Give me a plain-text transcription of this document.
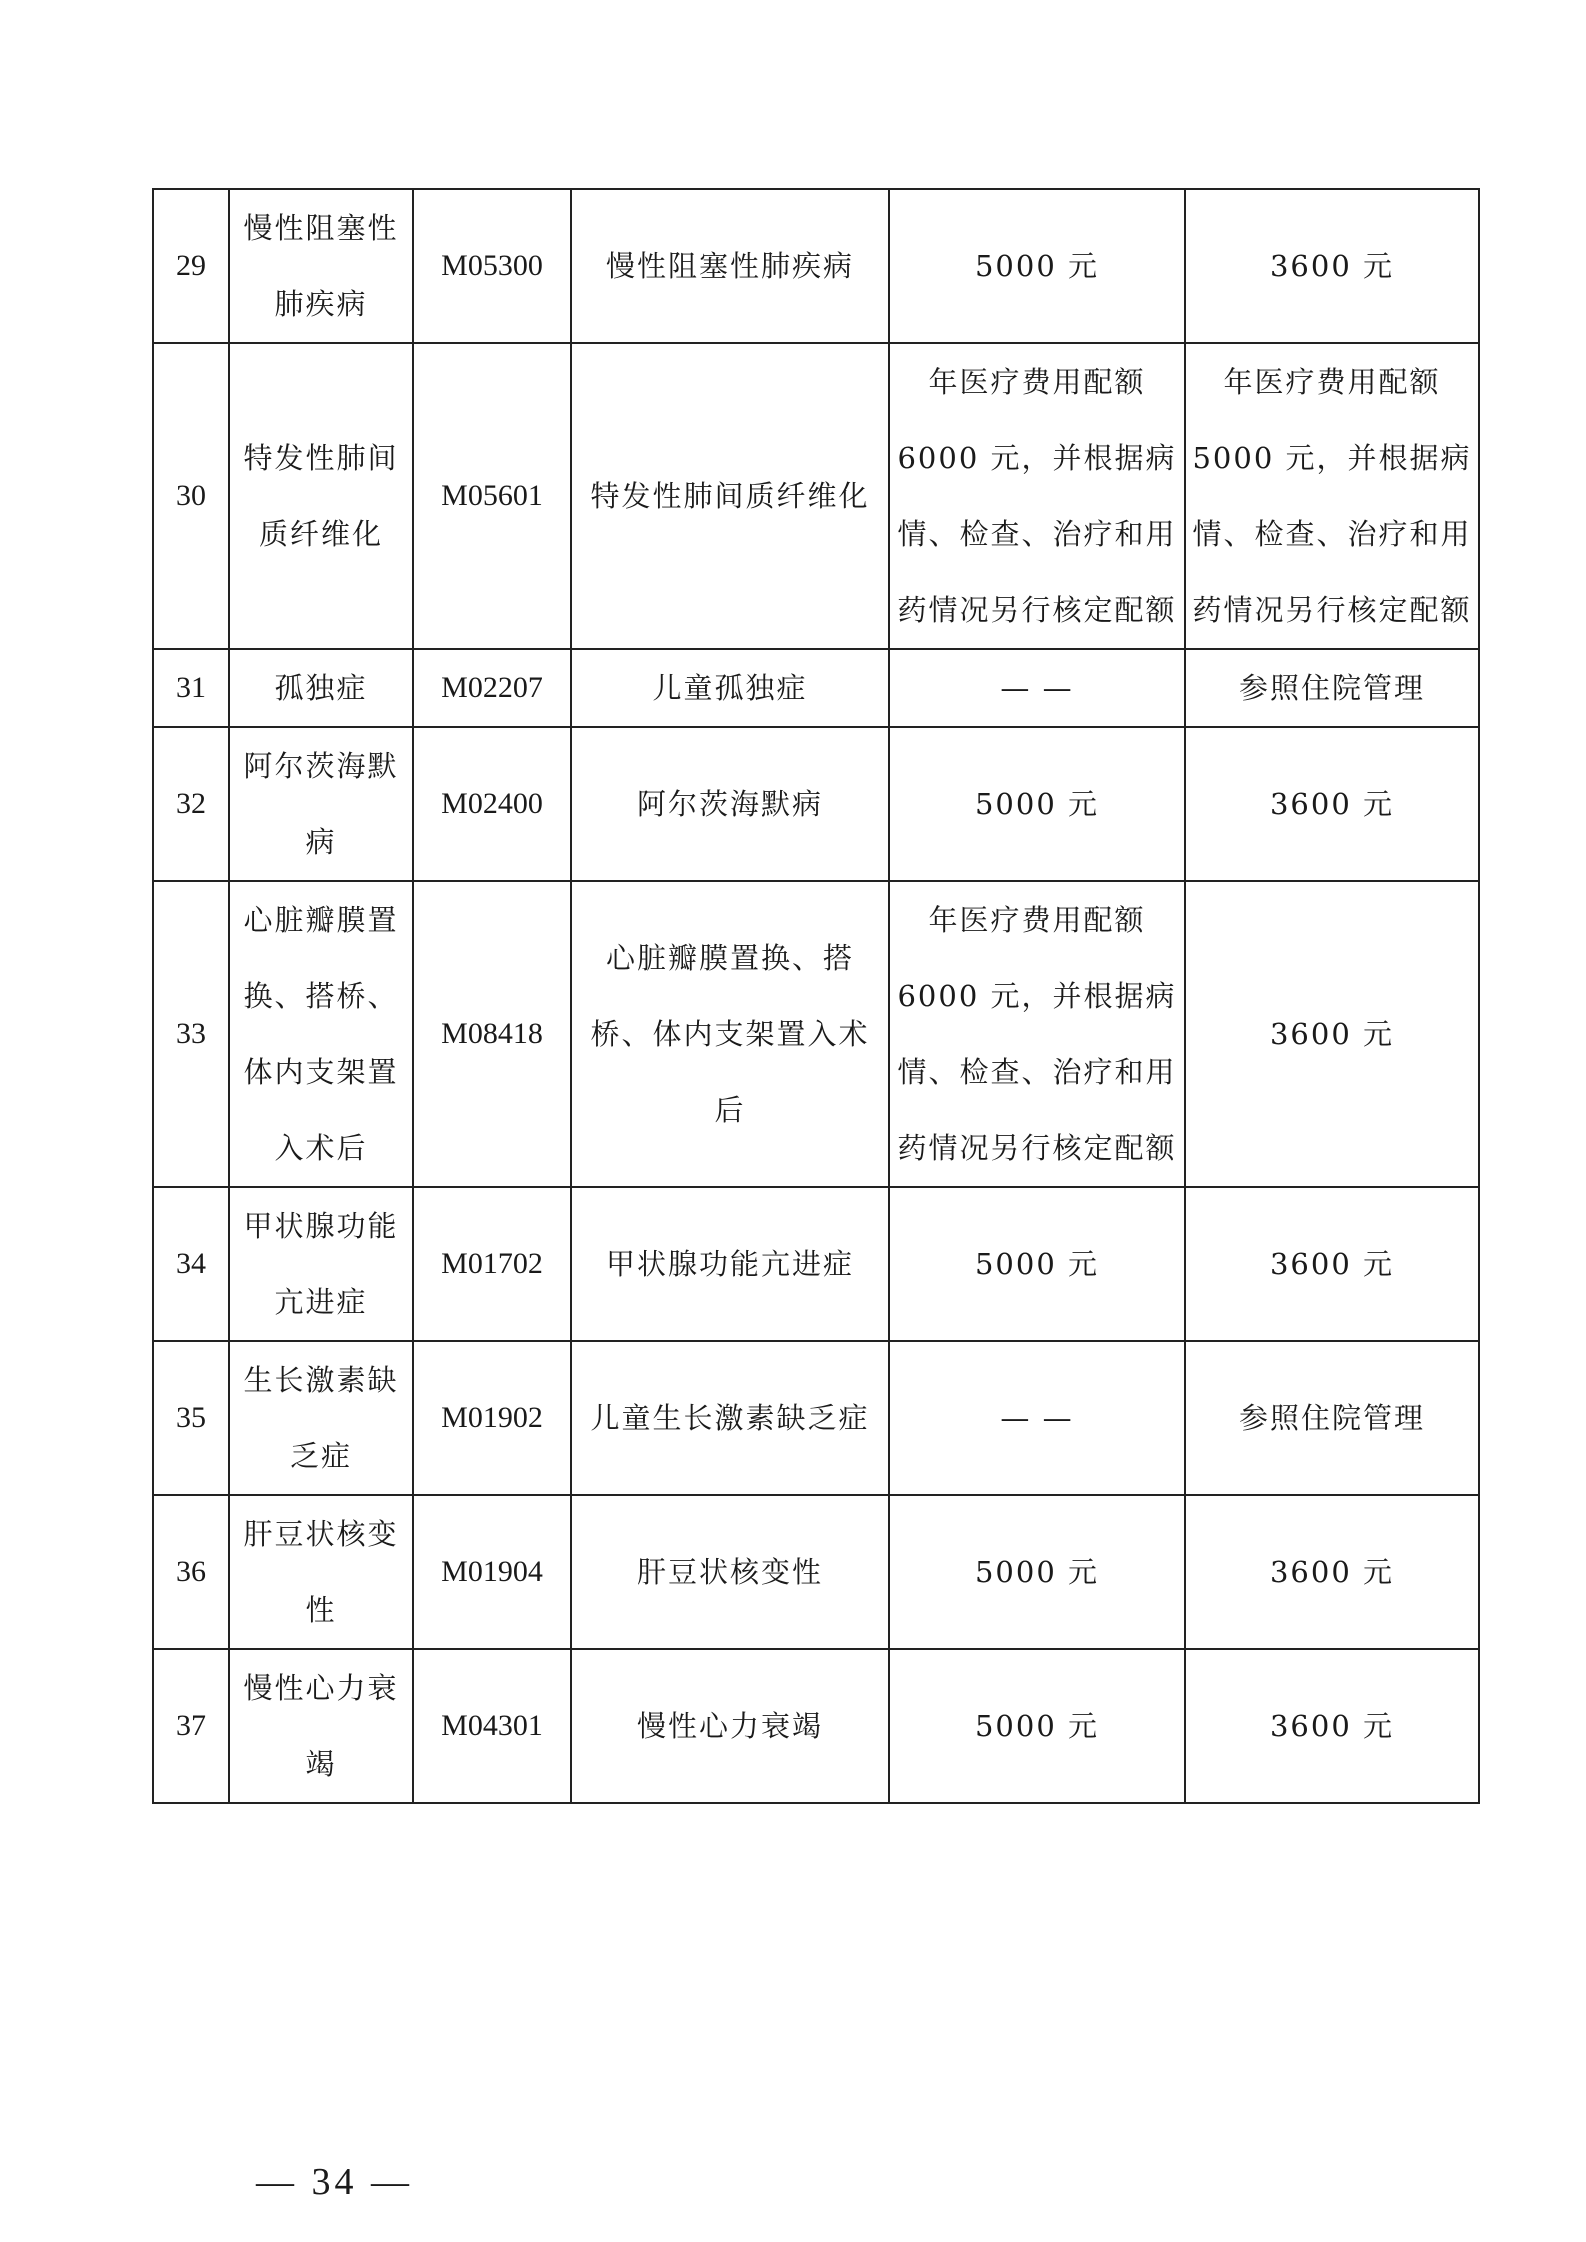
29	慢性阻塞性肺疾病	M05300	慢性阻塞性肺疾病	5000 元	3600 元
30	特发性肺间质纤维化	M05601	特发性肺间质纤维化	年医疗费用配额6000 元，并根据病情、检查、治疗和用药情况另行核定配额	年医疗费用配额5000 元，并根据病情、检查、治疗和用药情况另行核定配额
31	孤独症	M02207	儿童孤独症	— —	参照住院管理
32	阿尔茨海默病	M02400	阿尔茨海默病	5000 元	3600 元
33	心脏瓣膜置换、搭桥、体内支架置入术后	M08418	心脏瓣膜置换、搭桥、体内支架置入术后	年医疗费用配额6000 元，并根据病情、检查、治疗和用药情况另行核定配额	3600 元
34	甲状腺功能亢进症	M01702	甲状腺功能亢进症	5000 元	3600 元
35	生长激素缺乏症	M01902	儿童生长激素缺乏症	— —	参照住院管理
36	肝豆状核变性	M01904	肝豆状核变性	5000 元	3600 元
37	慢性心力衰竭	M04301	慢性心力衰竭	5000 元	3600 元
— 34 —
